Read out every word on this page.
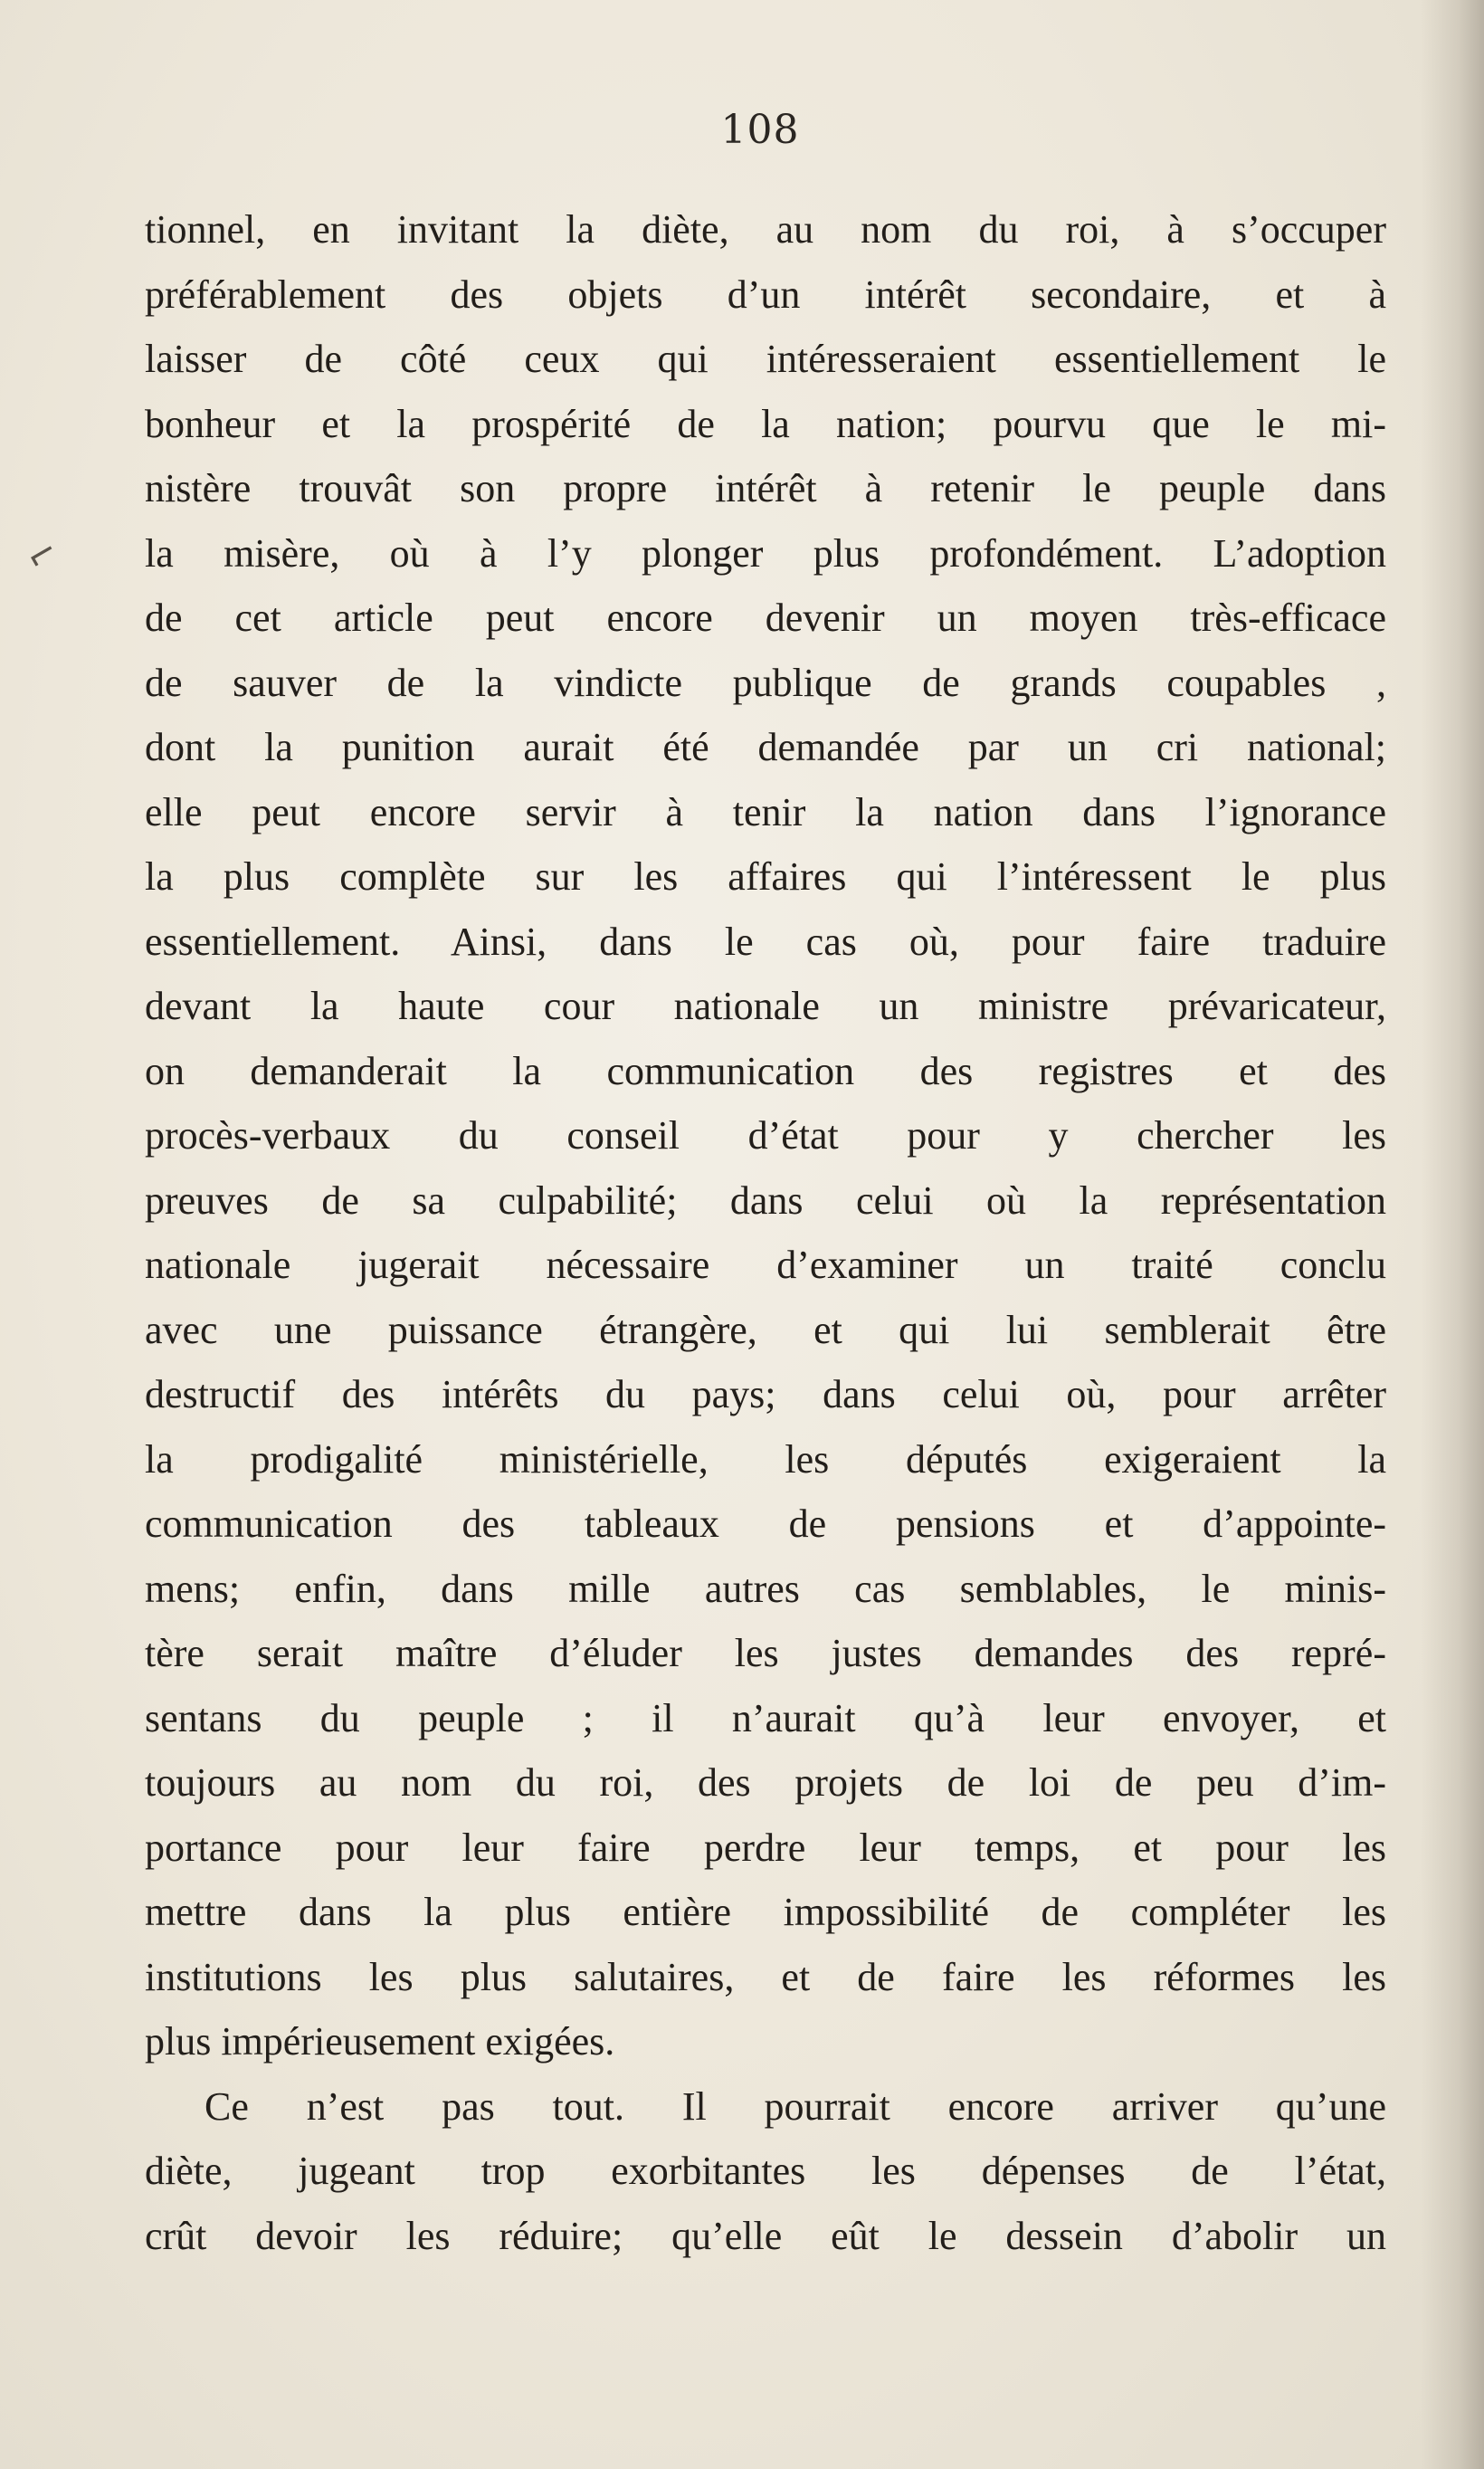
108
⌐
tionnel, en invitant la diète, au nom du roi, à s’occuper
préférablement des objets d’un intérêt secondaire, et à
laisser de côté ceux qui intéresseraient essentiellement le
bonheur et la prospérité de la nation; pourvu que le mi-
nistère trouvât son propre intérêt à retenir le peuple dans
la misère, où à l’y plonger plus profondément. L’adoption
de cet article peut encore devenir un moyen très-efficace
de sauver de la vindicte publique de grands coupables ,
dont la punition aurait été demandée par un cri national;
elle peut encore servir à tenir la nation dans l’ignorance
la plus complète sur les affaires qui l’intéressent le plus
essentiellement. Ainsi, dans le cas où, pour faire traduire
devant la haute cour nationale un ministre prévaricateur,
on demanderait la communication des registres et des
procès-verbaux du conseil d’état pour y chercher les
preuves de sa culpabilité; dans celui où la représentation
nationale jugerait nécessaire d’examiner un traité conclu
avec une puissance étrangère, et qui lui semblerait être
destructif des intérêts du pays; dans celui où, pour arrêter
la prodigalité ministérielle, les députés exigeraient la
communication des tableaux de pensions et d’appointe-
mens; enfin, dans mille autres cas semblables, le minis-
tère serait maître d’éluder les justes demandes des repré-
sentans du peuple ; il n’aurait qu’à leur envoyer, et
toujours au nom du roi, des projets de loi de peu d’im-
portance pour leur faire perdre leur temps, et pour les
mettre dans la plus entière impossibilité de compléter les
institutions les plus salutaires, et de faire les réformes les
plus impérieusement exigées.
Ce n’est pas tout. Il pourrait encore arriver qu’une
diète, jugeant trop exorbitantes les dépenses de l’état,
crût devoir les réduire; qu’elle eût le dessein d’abolir un
